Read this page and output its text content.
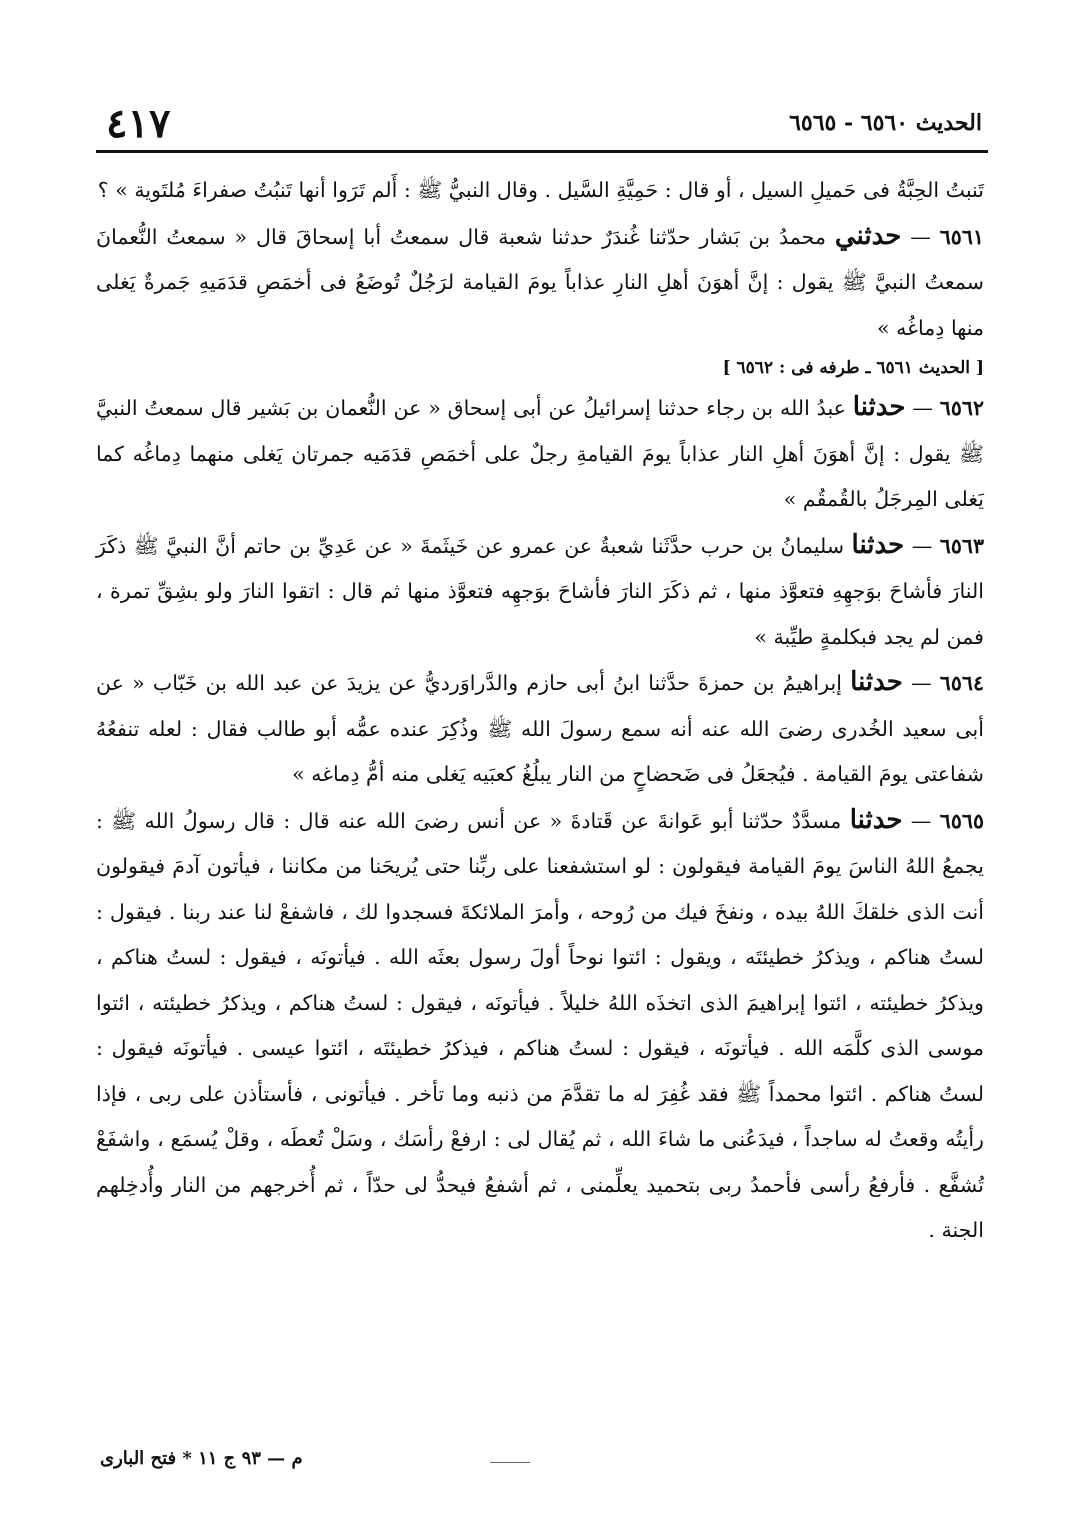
الحديث ٦٥٦٠ - ٦٥٦٥
٤١٧

تَنبتُ الحِبَّةُ فى حَميلِ السيل ، أو قال : حَمِيَّةِ السَّيل . وقال النبيُّ ﷺ : أَلم تَرَوا أنها تَنبُتُ صفراءَ مُلتَوية » ؟

٦٥٦١ — حدثني محمدُ بن بَشار حدّثنا غُندَرٌ حدثنا شعبة قال سمعتُ أبا إسحاقَ قال « سمعتُ النُّعمانَ سمعتُ النبيَّ ﷺ يقول : إنَّ أهوَنَ أهلِ النارِ عذاباً يومَ القيامة لرَجُلٌ تُوضَعُ فى أخمَصِ قدَمَيهِ جَمرةٌ يَغلى منها دِماغُه »

[ الحديث ٦٥٦١ ـ طرفه فى : ٦٥٦٢ ]

٦٥٦٢ — حدثنا عبدُ الله بن رجاء حدثنا إسرائيلُ عن أبى إسحاق « عن النُّعمان بن بَشير قال سمعتُ النبيَّ ﷺ يقول : إنَّ أهوَنَ أهلِ النار عذاباً يومَ القيامةِ رجلٌ على أخمَصِ قدَمَيه جمرتان يَغلى منهما دِماغُه كما يَغلى المِرجَلُ بالقُمقُم »

٦٥٦٣ — حدثنا سليمانُ بن حرب حدَّثَنا شعبةُ عن عمرو عن خَيثَمةَ « عن عَدِيِّ بن حاتم أنَّ النبيَّ ﷺ ذكَرَ النارَ فأشاحَ بوَجهِهِ فتعوَّذ منها ، ثم ذكَرَ النارَ فأشاحَ بوَجهِه فتعوَّذ منها ثم قال : اتقوا النارَ ولو بشِقِّ تمرة ، فمن لم يجد فبكلمةٍ طيِّبة »

٦٥٦٤ — حدثنا إبراهيمُ بن حمزةَ حدَّثنا ابنُ أبى حازم والدَّراوَرديُّ عن يزيدَ عن عبد الله بن خَبّاب « عن أبى سعيد الخُدرى رضىَ الله عنه أنه سمع رسولَ الله ﷺ وذُكِرَ عنده عمُّه أبو طالب فقال : لعله تنفعُهُ شفاعتى يومَ القيامة . فيُجعَلُ فى ضَحضاحٍ من النار يبلُغُ كعبَيه يَغلى منه أمُّ دِماغه »

٦٥٦٥ — حدثنا مسدَّدٌ حدّثنا أبو عَوانةَ عن قَتادةَ « عن أنس رضىَ الله عنه قال : قال رسولُ الله ﷺ : يجمعُ اللهُ الناسَ يومَ القيامة فيقولون : لو استشفعنا على ربِّنا حتى يُريحَنا من مكاننا ، فيأتون آدمَ فيقولون أنت الذى خلقكَ اللهُ بيده ، ونفخَ فيك من رُوحه ، وأمرَ الملائكةَ فسجدوا لك ، فاشفعْ لنا عند ربنا . فيقول : لستُ هناكم ، ويذكرُ خطيئتَه ، ويقول : ائتوا نوحاً أولَ رسول بعثَه الله . فيأتونَه ، فيقول : لستُ هناكم ، ويذكرُ خطيئته ، ائتوا إبراهيمَ الذى اتخذَه اللهُ خليلاً . فيأتونَه ، فيقول : لستُ هناكم ، ويذكرُ خطيئته ، ائتوا موسى الذى كلَّمَه الله . فيأتونَه ، فيقول : لستُ هناكم ، فيذكرُ خطيئتَه ، ائتوا عيسى . فيأتونَه فيقول : لستُ هناكم . ائتوا محمداً ﷺ فقد غُفِرَ له ما تقدَّمَ من ذنبه وما تأخر . فيأتونى ، فأستأذن على ربى ، فإذا رأيتُه وقعتُ له ساجداً ، فيدَعُنى ما شاءَ الله ، ثم يُقال لى : ارفعْ رأسَك ، وسَلْ تُعطَه ، وقلْ يُسمَع ، واشفَعْ تُشفَّع . فأرفعُ رأسى فأحمدُ ربى بتحميد يعلِّمنى ، ثم أشفعُ فيحدُّ لى حدّاً ، ثم أُخرجهم من النار وأُدخِلهم الجنة .

م — ٩٣ ج ١١ * فتح البارى
